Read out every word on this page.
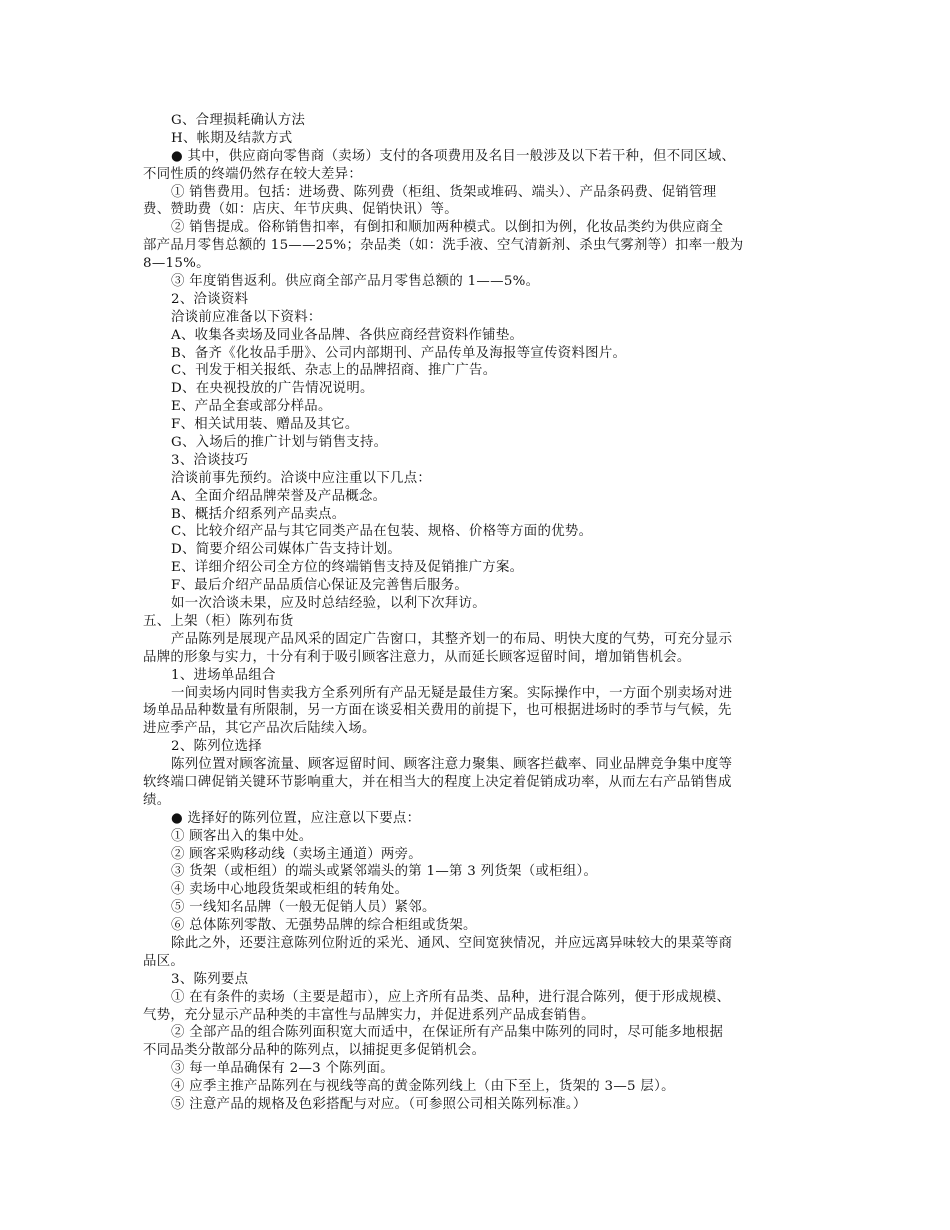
G、合理损耗确认方法
H、帐期及结款方式
● 其中，供应商向零售商（卖场）支付的各项费用及名目一般涉及以下若干种，但不同区域、
不同性质的终端仍然存在较大差异：
① 销售费用。包括：进场费、陈列费（柜组、货架或堆码、端头）、产品条码费、促销管理
费、赞助费（如：店庆、年节庆典、促销快讯）等。
② 销售提成。俗称销售扣率，有倒扣和顺加两种模式。以倒扣为例，化妆品类约为供应商全
部产品月零售总额的 15——25%；杂品类（如：洗手液、空气清新剂、杀虫气雾剂等）扣率一般为
8—15%。
③ 年度销售返利。供应商全部产品月零售总额的 1——5%。
2、洽谈资料
洽谈前应准备以下资料：
A、收集各卖场及同业各品牌、各供应商经营资料作铺垫。
B、备齐《化妆品手册》、公司内部期刊、产品传单及海报等宣传资料图片。
C、刊发于相关报纸、杂志上的品牌招商、推广广告。
D、在央视投放的广告情况说明。
E、产品全套或部分样品。
F、相关试用装、赠品及其它。
G、入场后的推广计划与销售支持。
3、洽谈技巧
洽谈前事先预约。洽谈中应注重以下几点：
A、全面介绍品牌荣誉及产品概念。
B、概括介绍系列产品卖点。
C、比较介绍产品与其它同类产品在包装、规格、价格等方面的优势。
D、简要介绍公司媒体广告支持计划。
E、详细介绍公司全方位的终端销售支持及促销推广方案。
F、最后介绍产品品质信心保证及完善售后服务。
如一次洽谈未果，应及时总结经验，以利下次拜访。
五、上架（柜）陈列布货
产品陈列是展现产品风采的固定广告窗口，其整齐划一的布局、明快大度的气势，可充分显示
品牌的形象与实力，十分有利于吸引顾客注意力，从而延长顾客逗留时间，增加销售机会。
1、进场单品组合
一间卖场内同时售卖我方全系列所有产品无疑是最佳方案。实际操作中，一方面个别卖场对进
场单品品种数量有所限制，另一方面在谈妥相关费用的前提下，也可根据进场时的季节与气候，先
进应季产品，其它产品次后陆续入场。
2、陈列位选择
陈列位置对顾客流量、顾客逗留时间、顾客注意力聚集、顾客拦截率、同业品牌竞争集中度等
软终端口碑促销关键环节影响重大，并在相当大的程度上决定着促销成功率，从而左右产品销售成
绩。
● 选择好的陈列位置，应注意以下要点：
① 顾客出入的集中处。
② 顾客采购移动线（卖场主通道）两旁。
③ 货架（或柜组）的端头或紧邻端头的第 1—第 3 列货架（或柜组）。
④ 卖场中心地段货架或柜组的转角处。
⑤ 一线知名品牌（一般无促销人员）紧邻。
⑥ 总体陈列零散、无强势品牌的综合柜组或货架。
除此之外，还要注意陈列位附近的采光、通风、空间宽狭情况，并应远离异味较大的果菜等商
品区。
3、陈列要点
① 在有条件的卖场（主要是超市），应上齐所有品类、品种，进行混合陈列，便于形成规模、
气势，充分显示产品种类的丰富性与品牌实力，并促进系列产品成套销售。
② 全部产品的组合陈列面积宽大而适中，在保证所有产品集中陈列的同时，尽可能多地根据
不同品类分散部分品种的陈列点，以捕捉更多促销机会。
③ 每一单品确保有 2—3 个陈列面。
④ 应季主推产品陈列在与视线等高的黄金陈列线上（由下至上，货架的 3—5 层）。
⑤ 注意产品的规格及色彩搭配与对应。（可参照公司相关陈列标准。）
